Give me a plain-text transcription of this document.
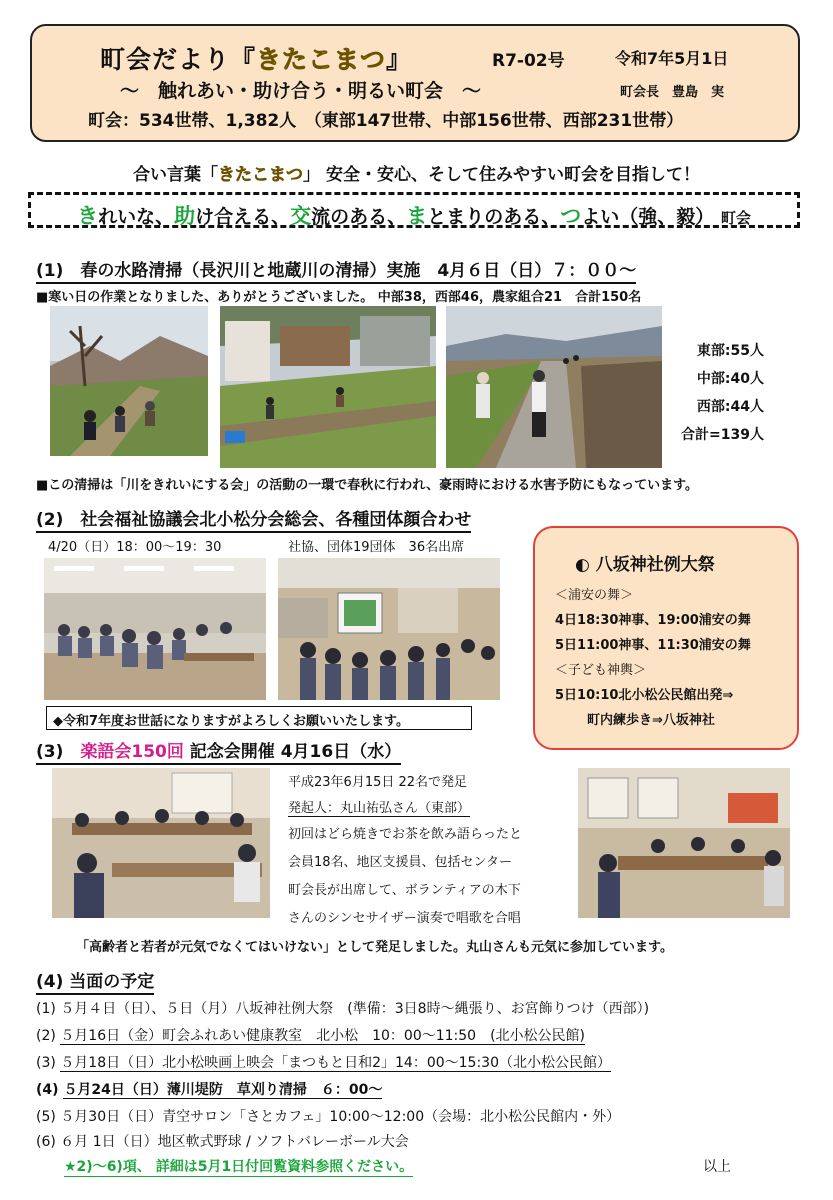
町会だより『きたこまつ』	R7-02号	令和7年5月1日
～　触れあい・助け合う・明るい町会　～	町会長　豊島　実
町会：534世帯、1,382人　（東部147世帯、中部156世帯、西部231世帯）
合い言葉「きたこまつ」 安全・安心、そして住みやすい町会を目指して！
きれいな、助け合える、交流のある、まとまりのある、つよい（強、毅） 町会
(1)　春の水路清掃（長沢川と地蔵川の清掃）実施　4月６日（日）７：００～
■寒い日の作業となりました、ありがとうございました。 中部38，西部46，農家組合21　合計150名
東部:55人
中部:40人
西部:44人
合計=139人
■この清掃は「川をきれいにする会」の活動の一環で春秋に行われ、豪雨時における水害予防にもなっています。
(2)　社会福祉協議会北小松分会総会、各種団体顔合わせ
4/20（日）18：00～19：30	社協、団体19団体　36名出席
◆令和7年度お世話になりますがよろしくお願いいたします。
◐ 八坂神社例大祭
＜浦安の舞＞
4日18:30神事、19:00浦安の舞
5日11:00神事、11:30浦安の舞
＜子ども神輿＞
5日10:10北小松公民館出発⇒
町内練歩き⇒八坂神社
(3)　楽語会150回 記念会開催 4月16日（水）
平成23年6月15日 22名で発足
発起人：丸山祐弘さん（東部）
初回はどら焼きでお茶を飲み語らったと
会員18名、地区支援員、包括センター
町会長が出席して、ボランティアの木下
さんのシンセサイザー演奏で唱歌を合唱
「高齢者と若者が元気でなくてはいけない」として発足しました。丸山さんも元気に参加しています。
(4) 当面の予定
(1) ５月４日（日）、５日（月）八坂神社例大祭　(準備：3日8時～縄張り、お宮飾りつけ（西部）)
(2) ５月16日（金）町会ふれあい健康教室　北小松　10：00～11:50　(北小松公民館)
(3) ５月18日（日）北小松映画上映会「まつもと日和2」14：00～15:30（北小松公民館）
(4) ５月24日（日）薄川堤防　草刈り清掃　６：00～
(5) ５月30日（日）青空サロン「さとカフェ」10:00～12:00（会場：北小松公民館内・外）
(6) ６月 1日（日）地区軟式野球 / ソフトバレーボール大会
★2)～6)項、 詳細は5月1日付回覧資料参照ください。	以上
